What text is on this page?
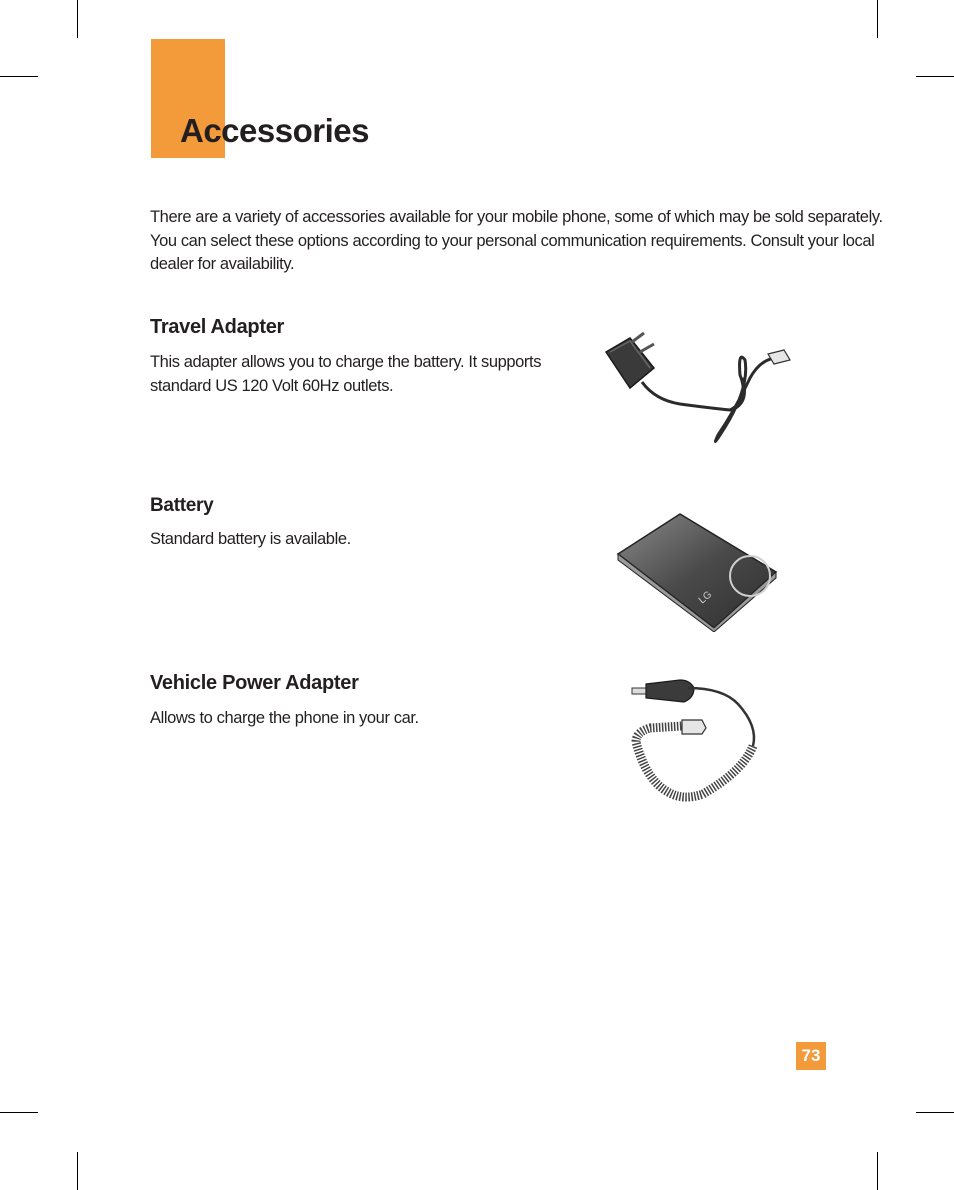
Accessories
There are a variety of accessories available for your mobile phone, some of which may be sold separately.
You can select these options according to your personal communication requirements. Consult your local
dealer for availability.
Travel Adapter

This adapter allows you to charge the battery. It supports
standard US 120 Volt 60Hz outlets.

Battery

Standard battery is available.

LG
Vehicle Power Adapter

Allows to charge the phone in your car.

73
